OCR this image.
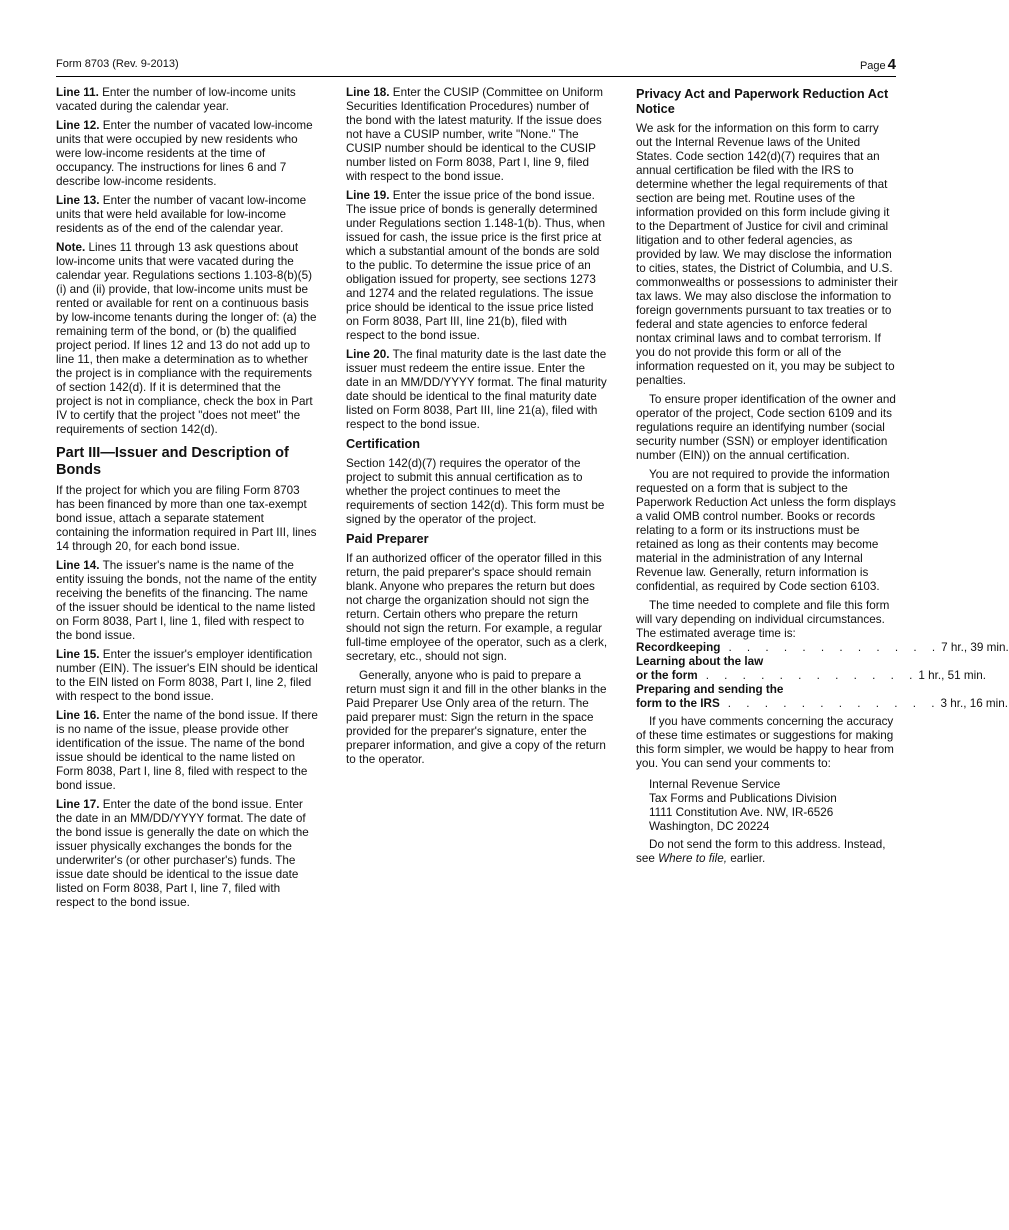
Form 8703 (Rev. 9-2013)	Page 4

Line 11. Enter the number of low-income units vacated during the calendar year.

Line 12. Enter the number of vacated low-income units that were occupied by new residents who were low-income residents at the time of occupancy. The instructions for lines 6 and 7 describe low-income residents.

Line 13. Enter the number of vacant low-income units that were held available for low-income residents as of the end of the calendar year.

Note. Lines 11 through 13 ask questions about low-income units that were vacated during the calendar year. Regulations sections 1.103-8(b)(5)(i) and (ii) provide, that low-income units must be rented or available for rent on a continuous basis by low-income tenants during the longer of: (a) the remaining term of the bond, or (b) the qualified project period. If lines 12 and 13 do not add up to line 11, then make a determination as to whether the project is in compliance with the requirements of section 142(d). If it is determined that the project is not in compliance, check the box in Part IV to certify that the project "does not meet" the requirements of section 142(d).

Part III—Issuer and Description of Bonds

If the project for which you are filing Form 8703 has been financed by more than one tax-exempt bond issue, attach a separate statement containing the information required in Part III, lines 14 through 20, for each bond issue.

Line 14. The issuer's name is the name of the entity issuing the bonds, not the name of the entity receiving the benefits of the financing. The name of the issuer should be identical to the name listed on Form 8038, Part I, line 1, filed with respect to the bond issue.

Line 15. Enter the issuer's employer identification number (EIN). The issuer's EIN should be identical to the EIN listed on Form 8038, Part I, line 2, filed with respect to the bond issue.

Line 16. Enter the name of the bond issue. If there is no name of the issue, please provide other identification of the issue. The name of the bond issue should be identical to the name listed on Form 8038, Part I, line 8, filed with respect to the bond issue.

Line 17. Enter the date of the bond issue. Enter the date in an MM/DD/YYYY format. The date of the bond issue is generally the date on which the issuer physically exchanges the bonds for the underwriter's (or other purchaser's) funds. The issue date should be identical to the issue date listed on Form 8038, Part I, line 7, filed with respect to the bond issue.

Line 18. Enter the CUSIP (Committee on Uniform Securities Identification Procedures) number of the bond with the latest maturity. If the issue does not have a CUSIP number, write "None." The CUSIP number should be identical to the CUSIP number listed on Form 8038, Part I, line 9, filed with respect to the bond issue.

Line 19. Enter the issue price of the bond issue. The issue price of bonds is generally determined under Regulations section 1.148-1(b). Thus, when issued for cash, the issue price is the first price at which a substantial amount of the bonds are sold to the public. To determine the issue price of an obligation issued for property, see sections 1273 and 1274 and the related regulations. The issue price should be identical to the issue price listed on Form 8038, Part III, line 21(b), filed with respect to the bond issue.

Line 20. The final maturity date is the last date the issuer must redeem the entire issue. Enter the date in an MM/DD/YYYY format. The final maturity date should be identical to the final maturity date listed on Form 8038, Part III, line 21(a), filed with respect to the bond issue.

Certification

Section 142(d)(7) requires the operator of the project to submit this annual certification as to whether the project continues to meet the requirements of section 142(d). This form must be signed by the operator of the project.

Paid Preparer

If an authorized officer of the operator filled in this return, the paid preparer's space should remain blank. Anyone who prepares the return but does not charge the organization should not sign the return. Certain others who prepare the return should not sign the return. For example, a regular full-time employee of the operator, such as a clerk, secretary, etc., should not sign.

Generally, anyone who is paid to prepare a return must sign it and fill in the other blanks in the Paid Preparer Use Only area of the return. The paid preparer must: Sign the return in the space provided for the preparer's signature, enter the preparer information, and give a copy of the return to the operator.

Privacy Act and Paperwork Reduction Act Notice

We ask for the information on this form to carry out the Internal Revenue laws of the United States. Code section 142(d)(7) requires that an annual certification be filed with the IRS to determine whether the legal requirements of that section are being met. Routine uses of the information provided on this form include giving it to the Department of Justice for civil and criminal litigation and to other federal agencies, as provided by law. We may disclose the information to cities, states, the District of Columbia, and U.S. commonwealths or possessions to administer their tax laws. We may also disclose the information to foreign governments pursuant to tax treaties or to federal and state agencies to enforce federal nontax criminal laws and to combat terrorism. If you do not provide this form or all of the information requested on it, you may be subject to penalties.

To ensure proper identification of the owner and operator of the project, Code section 6109 and its regulations require an identifying number (social security number (SSN) or employer identification number (EIN)) on the annual certification.

You are not required to provide the information requested on a form that is subject to the Paperwork Reduction Act unless the form displays a valid OMB control number. Books or records relating to a form or its instructions must be retained as long as their contents may become material in the administration of any Internal Revenue law. Generally, return information is confidential, as required by Code section 6103.

The time needed to complete and file this form will vary depending on individual circumstances. The estimated average time is:

Recordkeeping . . . . . . . . . . . . 7 hr., 39 min.
Learning about the law
or the form . . . . . . . . . . . . 1 hr., 51 min.
Preparing and sending the
form to the IRS . . . . . . . . . . . . 3 hr., 16 min.

If you have comments concerning the accuracy of these time estimates or suggestions for making this form simpler, we would be happy to hear from you. You can send your comments to:

Internal Revenue Service
Tax Forms and Publications Division
1111 Constitution Ave. NW, IR-6526
Washington, DC 20224

Do not send the form to this address. Instead, see Where to file, earlier.
